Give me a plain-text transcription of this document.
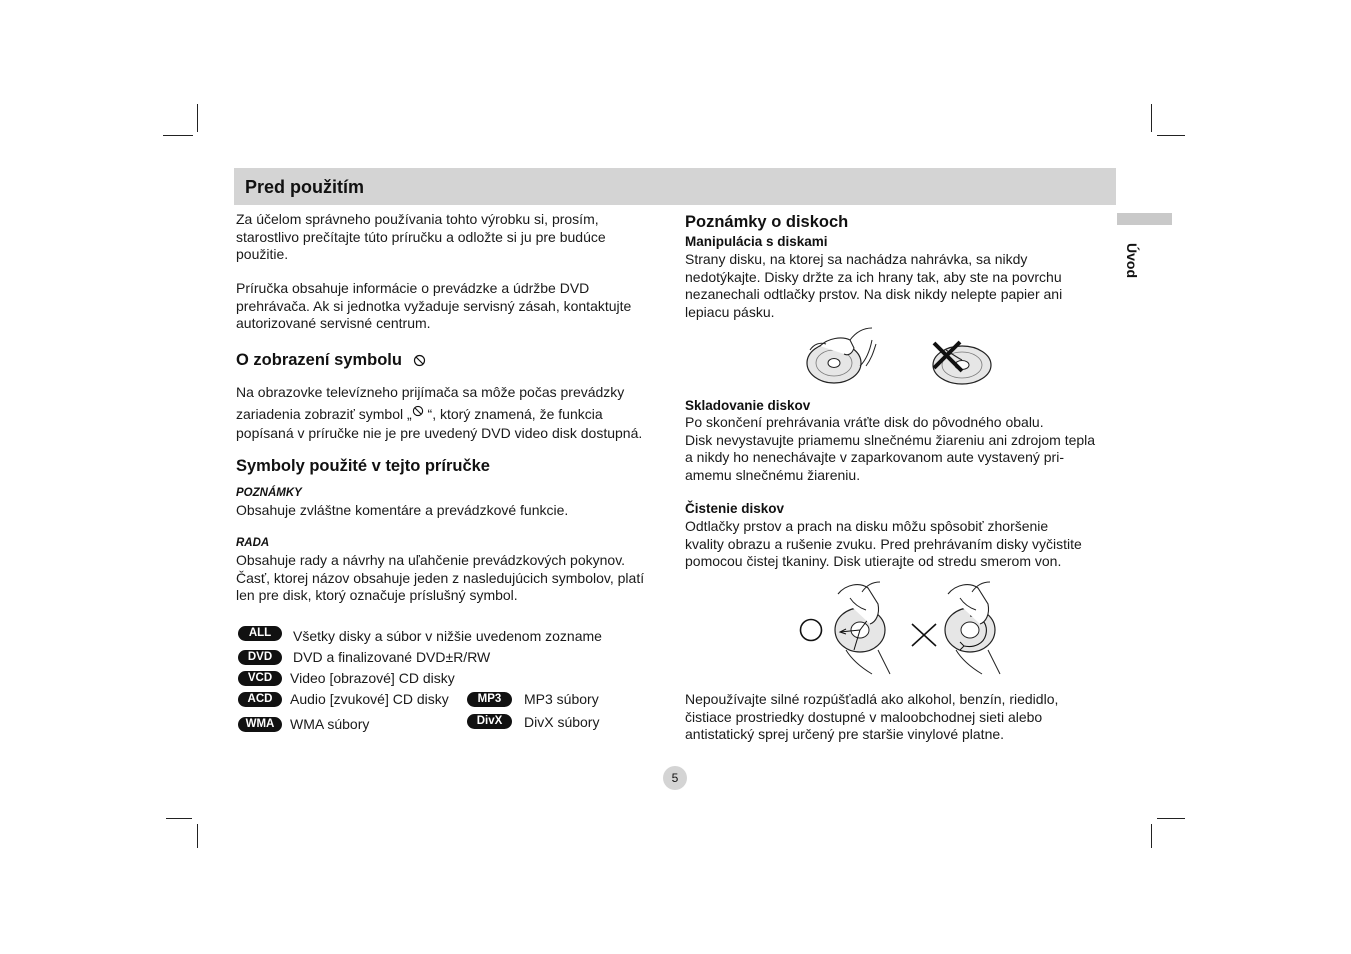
Pred použitím
Úvod
Za účelom správneho používania tohto výrobku si, prosím,
starostlivo prečítajte túto príručku a odložte si ju pre budúce
použitie.
Príručka obsahuje informácie o prevádzke a údržbe DVD
prehrávača. Ak si jednotka vyžaduje servisný zásah, kontaktujte
autorizované servisné centrum.
O zobrazení symbolu
Na obrazovke televízneho prijímača sa môže počas prevádzky
zariadenia zobraziť symbol „ “, ktorý znamená, že funkcia
popísaná v príručke nie je pre uvedený DVD video disk dostupná.
Symboly použité v tejto príručke
POZNÁMKY
Obsahuje zvláštne komentáre a prevádzkové funkcie.
RADA
Obsahuje rady a návrhy na uľahčenie prevádzkových pokynov.
Časť, ktorej názov obsahuje jeden z nasledujúcich symbolov, platí
len pre disk, ktorý označuje príslušný symbol.
ALL	Všetky disky a súbor v nižšie uvedenom zozname
DVD	DVD a finalizované DVD±R/RW
VCD	Video [obrazové] CD disky
ACD	Audio [zvukové] CD disky
WMA	WMA súbory
MP3	MP3 súbory
DivX	DivX súbory
Poznámky o diskoch
Manipulácia s diskami
Strany disku, na ktorej sa nachádza nahrávka, sa nikdy
nedotýkajte. Disky držte za ich hrany tak, aby ste na povrchu
nezanechali odtlačky prstov. Na disk nikdy nelepte papier ani
lepiacu pásku.
Skladovanie diskov
Po skončení prehrávania vráťte disk do pôvodného obalu.
Disk nevystavujte priamemu slnečnému žiareniu ani zdrojom tepla
a nikdy ho nenechávajte v zaparkovanom aute vystavený pri-
amemu slnečnému žiareniu.
Čistenie diskov
Odtlačky prstov a prach na disku môžu spôsobiť zhoršenie
kvality obrazu a rušenie zvuku. Pred prehrávaním disky vyčistite
pomocou čistej tkaniny. Disk utierajte od stredu smerom von.
Nepoužívajte silné rozpúšťadlá ako alkohol, benzín, riedidlo,
čistiace prostriedky dostupné v maloobchodnej sieti alebo
antistatický sprej určený pre staršie vinylové platne.
5
